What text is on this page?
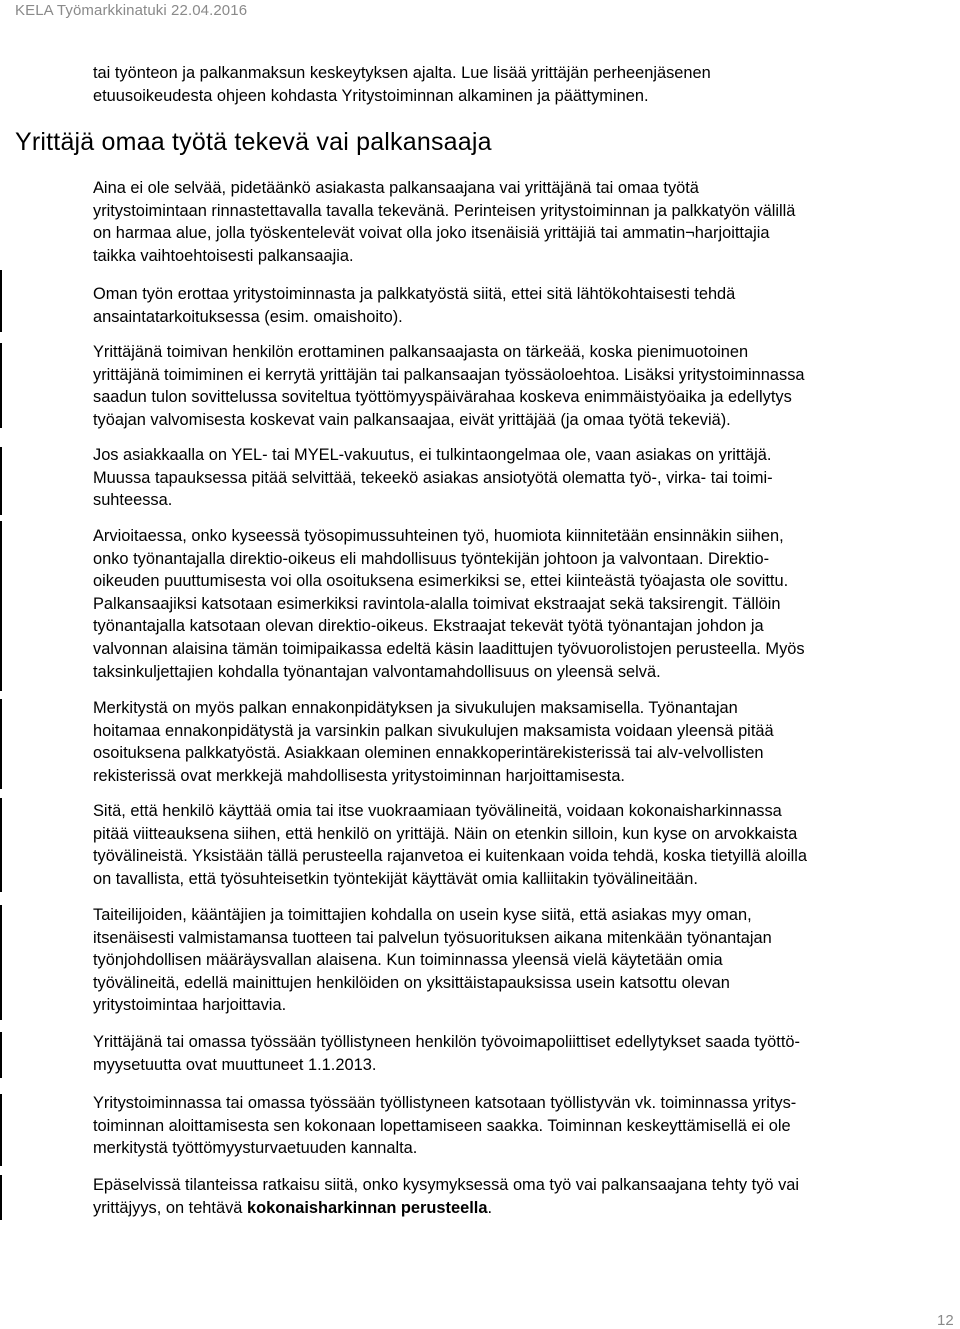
KELA Työmarkkinatuki 22.04.2016
tai työnteon ja palkanmaksun keskeytyksen ajalta. Lue lisää yrittäjän perheenjäsenen
etuusoikeudesta ohjeen kohdasta Yritystoiminnan alkaminen ja päättyminen.
Yrittäjä omaa työtä tekevä vai palkansaaja
Aina ei ole selvää, pidetäänkö asiakasta palkansaajana vai yrittäjänä tai omaa työtä
yritystoimintaan rinnastettavalla tavalla tekevänä. Perinteisen yritystoiminnan ja palkkatyön välillä
on harmaa alue, jolla työskentelevät voivat olla joko itsenäisiä yrittäjiä tai ammatin¬harjoittajia
taikka vaihtoehtoisesti palkansaajia.
Oman työn erottaa yritystoiminnasta ja palkkatyöstä siitä, ettei sitä lähtökohtaisesti tehdä
ansaintatarkoituksessa (esim. omaishoito).
Yrittäjänä toimivan henkilön erottaminen palkansaajasta on tärkeää, koska pienimuotoinen
yrittäjänä toimiminen ei kerrytä yrittäjän tai palkansaajan työssäoloehtoa. Lisäksi yritystoiminnassa
saadun tulon sovittelussa soviteltua työttömyyspäivärahaa koskeva enimmäistyöaika ja edellytys
työajan valvomisesta koskevat vain palkansaajaa, eivät yrittäjää (ja omaa työtä tekeviä).
Jos asiakkaalla on YEL- tai MYEL-vakuutus, ei tulkintaongelmaa ole, vaan asiakas on yrittäjä.
Muussa tapauksessa pitää selvittää, tekeekö asiakas ansiotyötä olematta työ-, virka- tai toimi-
suhteessa.
Arvioitaessa, onko kyseessä työsopimussuhteinen työ, huomiota kiinnitetään ensinnäkin siihen,
onko työnantajalla direktio-oikeus eli mahdollisuus työntekijän johtoon ja valvontaan. Direktio-
oikeuden puuttumisesta voi olla osoituksena esimerkiksi se, ettei kiinteästä työajasta ole sovittu.
Palkansaajiksi katsotaan esimerkiksi ravintola-alalla toimivat ekstraajat sekä taksirengit. Tällöin
työnantajalla katsotaan olevan direktio-oikeus. Ekstraajat tekevät työtä työnantajan johdon ja
valvonnan alaisina tämän toimipaikassa edeltä käsin laadittujen työvuorolistojen perusteella. Myös
taksinkuljettajien kohdalla työnantajan valvontamahdollisuus on yleensä selvä.
Merkitystä on myös palkan ennakonpidätyksen ja sivukulujen maksamisella. Työnantajan
hoitamaa ennakonpidätystä ja varsinkin palkan sivukulujen maksamista voidaan yleensä pitää
osoituksena palkkatyöstä. Asiakkaan oleminen ennakkoperintärekisterissä tai alv-velvollisten
rekisterissä ovat merkkejä mahdollisesta yritystoiminnan harjoittamisesta.
Sitä, että henkilö käyttää omia tai itse vuokraamiaan työvälineitä, voidaan kokonaisharkinnassa
pitää viitteauksena siihen, että henkilö on yrittäjä. Näin on etenkin silloin, kun kyse on arvokkaista
työvälineistä. Yksistään tällä perusteella rajanvetoa ei kuitenkaan voida tehdä, koska tietyillä aloilla
on tavallista, että työsuhteisetkin työntekijät käyttävät omia kalliitakin työvälineitään.
Taiteilijoiden, kääntäjien ja toimittajien kohdalla on usein kyse siitä, että asiakas myy oman,
itsenäisesti valmistamansa tuotteen tai palvelun työsuorituksen aikana mitenkään työnantajan
työnjohdollisen määräysvallan alaisena. Kun toiminnassa yleensä vielä käytetään omia
työvälineitä, edellä mainittujen henkilöiden on yksittäistapauksissa usein katsottu olevan
yritystoimintaa harjoittavia.
Yrittäjänä tai omassa työssään työllistyneen henkilön työvoimapoliittiset edellytykset saada työttö-
myysetuutta ovat muuttuneet 1.1.2013.
Yritystoiminnassa tai omassa työssään työllistyneen katsotaan työllistyvän vk. toiminnassa yritys-
toiminnan aloittamisesta sen kokonaan lopettamiseen saakka. Toiminnan keskeyttämisellä ei ole
merkitystä työttömyysturvaetuuden kannalta.
Epäselvissä tilanteissa ratkaisu siitä, onko kysymyksessä oma työ vai palkansaajana tehty työ vai
yrittäjyys, on tehtävä kokonaisharkinnan perusteella.
12
